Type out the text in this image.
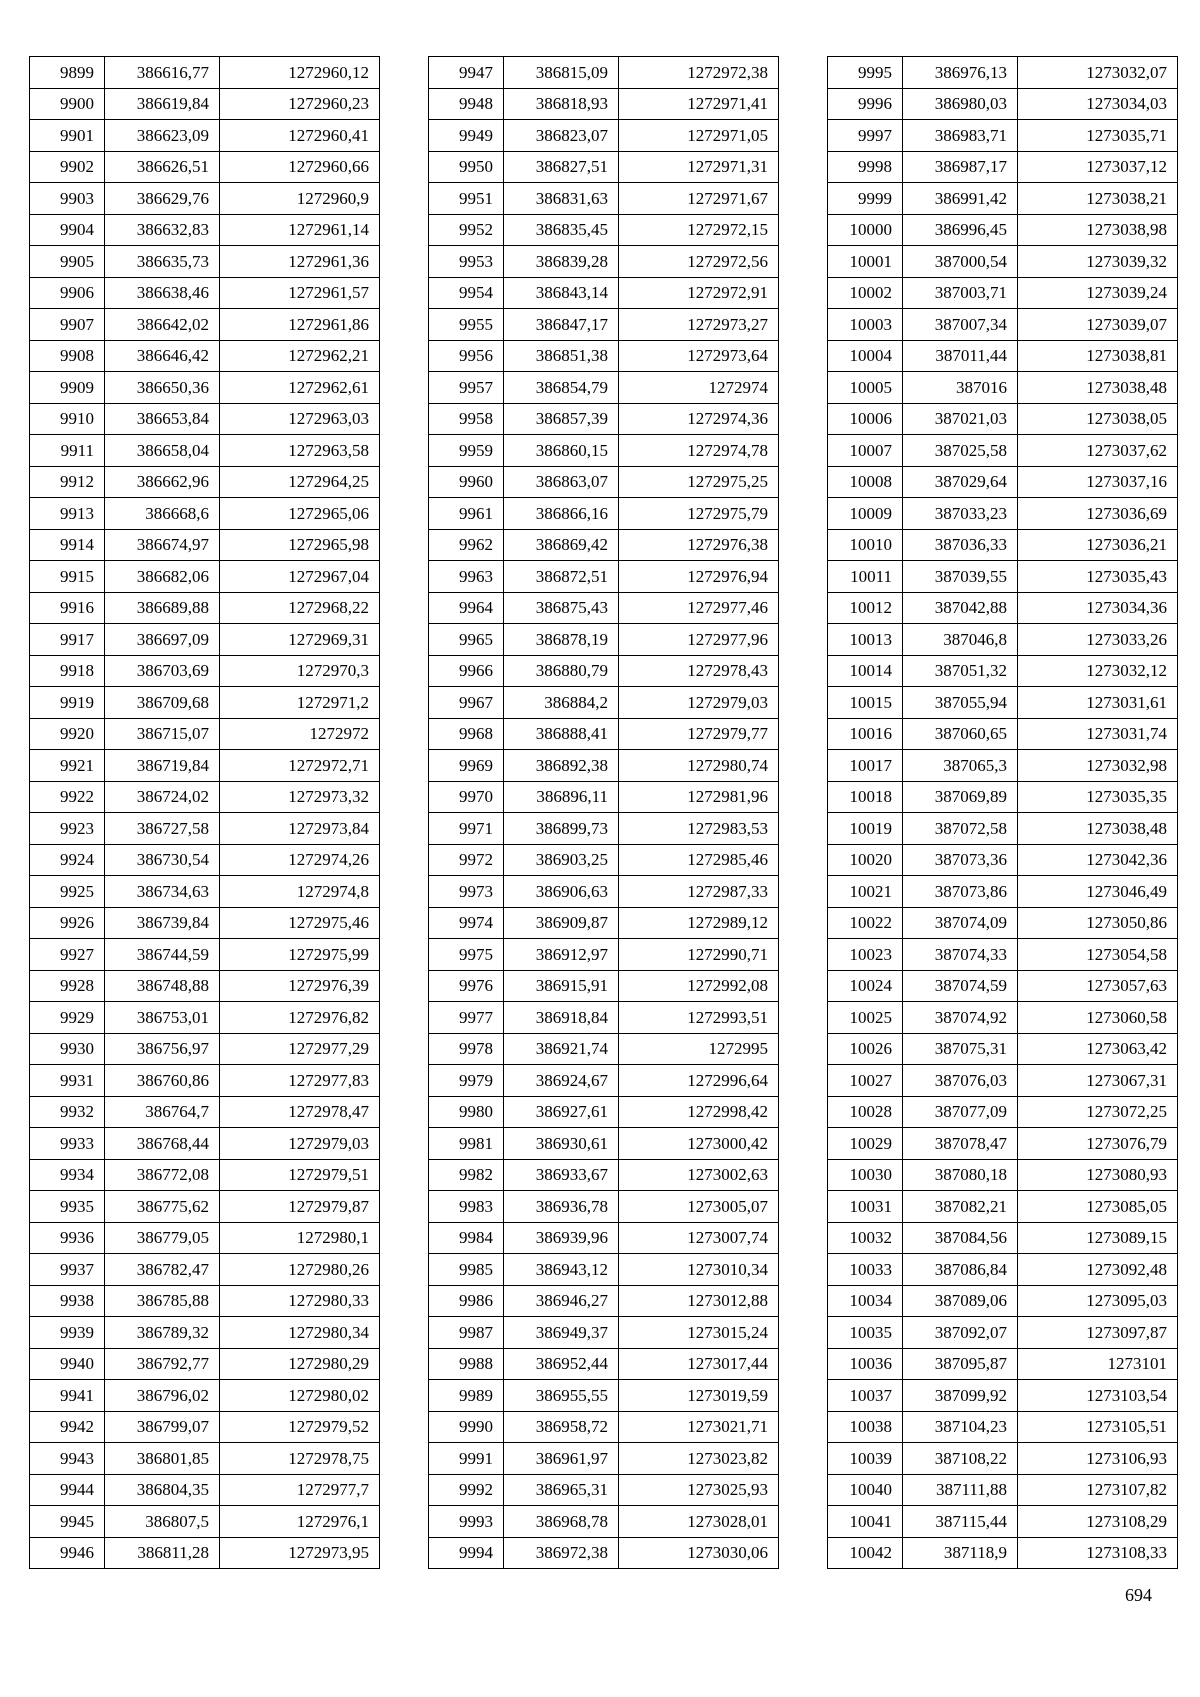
9899	386616,77	1272960,12
9900	386619,84	1272960,23
9901	386623,09	1272960,41
9902	386626,51	1272960,66
9903	386629,76	1272960,9
9904	386632,83	1272961,14
9905	386635,73	1272961,36
9906	386638,46	1272961,57
9907	386642,02	1272961,86
9908	386646,42	1272962,21
9909	386650,36	1272962,61
9910	386653,84	1272963,03
9911	386658,04	1272963,58
9912	386662,96	1272964,25
9913	386668,6	1272965,06
9914	386674,97	1272965,98
9915	386682,06	1272967,04
9916	386689,88	1272968,22
9917	386697,09	1272969,31
9918	386703,69	1272970,3
9919	386709,68	1272971,2
9920	386715,07	1272972
9921	386719,84	1272972,71
9922	386724,02	1272973,32
9923	386727,58	1272973,84
9924	386730,54	1272974,26
9925	386734,63	1272974,8
9926	386739,84	1272975,46
9927	386744,59	1272975,99
9928	386748,88	1272976,39
9929	386753,01	1272976,82
9930	386756,97	1272977,29
9931	386760,86	1272977,83
9932	386764,7	1272978,47
9933	386768,44	1272979,03
9934	386772,08	1272979,51
9935	386775,62	1272979,87
9936	386779,05	1272980,1
9937	386782,47	1272980,26
9938	386785,88	1272980,33
9939	386789,32	1272980,34
9940	386792,77	1272980,29
9941	386796,02	1272980,02
9942	386799,07	1272979,52
9943	386801,85	1272978,75
9944	386804,35	1272977,7
9945	386807,5	1272976,1
9946	386811,28	1272973,95
9947	386815,09	1272972,38
9948	386818,93	1272971,41
9949	386823,07	1272971,05
9950	386827,51	1272971,31
9951	386831,63	1272971,67
9952	386835,45	1272972,15
9953	386839,28	1272972,56
9954	386843,14	1272972,91
9955	386847,17	1272973,27
9956	386851,38	1272973,64
9957	386854,79	1272974
9958	386857,39	1272974,36
9959	386860,15	1272974,78
9960	386863,07	1272975,25
9961	386866,16	1272975,79
9962	386869,42	1272976,38
9963	386872,51	1272976,94
9964	386875,43	1272977,46
9965	386878,19	1272977,96
9966	386880,79	1272978,43
9967	386884,2	1272979,03
9968	386888,41	1272979,77
9969	386892,38	1272980,74
9970	386896,11	1272981,96
9971	386899,73	1272983,53
9972	386903,25	1272985,46
9973	386906,63	1272987,33
9974	386909,87	1272989,12
9975	386912,97	1272990,71
9976	386915,91	1272992,08
9977	386918,84	1272993,51
9978	386921,74	1272995
9979	386924,67	1272996,64
9980	386927,61	1272998,42
9981	386930,61	1273000,42
9982	386933,67	1273002,63
9983	386936,78	1273005,07
9984	386939,96	1273007,74
9985	386943,12	1273010,34
9986	386946,27	1273012,88
9987	386949,37	1273015,24
9988	386952,44	1273017,44
9989	386955,55	1273019,59
9990	386958,72	1273021,71
9991	386961,97	1273023,82
9992	386965,31	1273025,93
9993	386968,78	1273028,01
9994	386972,38	1273030,06
9995	386976,13	1273032,07
9996	386980,03	1273034,03
9997	386983,71	1273035,71
9998	386987,17	1273037,12
9999	386991,42	1273038,21
10000	386996,45	1273038,98
10001	387000,54	1273039,32
10002	387003,71	1273039,24
10003	387007,34	1273039,07
10004	387011,44	1273038,81
10005	387016	1273038,48
10006	387021,03	1273038,05
10007	387025,58	1273037,62
10008	387029,64	1273037,16
10009	387033,23	1273036,69
10010	387036,33	1273036,21
10011	387039,55	1273035,43
10012	387042,88	1273034,36
10013	387046,8	1273033,26
10014	387051,32	1273032,12
10015	387055,94	1273031,61
10016	387060,65	1273031,74
10017	387065,3	1273032,98
10018	387069,89	1273035,35
10019	387072,58	1273038,48
10020	387073,36	1273042,36
10021	387073,86	1273046,49
10022	387074,09	1273050,86
10023	387074,33	1273054,58
10024	387074,59	1273057,63
10025	387074,92	1273060,58
10026	387075,31	1273063,42
10027	387076,03	1273067,31
10028	387077,09	1273072,25
10029	387078,47	1273076,79
10030	387080,18	1273080,93
10031	387082,21	1273085,05
10032	387084,56	1273089,15
10033	387086,84	1273092,48
10034	387089,06	1273095,03
10035	387092,07	1273097,87
10036	387095,87	1273101
10037	387099,92	1273103,54
10038	387104,23	1273105,51
10039	387108,22	1273106,93
10040	387111,88	1273107,82
10041	387115,44	1273108,29
10042	387118,9	1273108,33
694
